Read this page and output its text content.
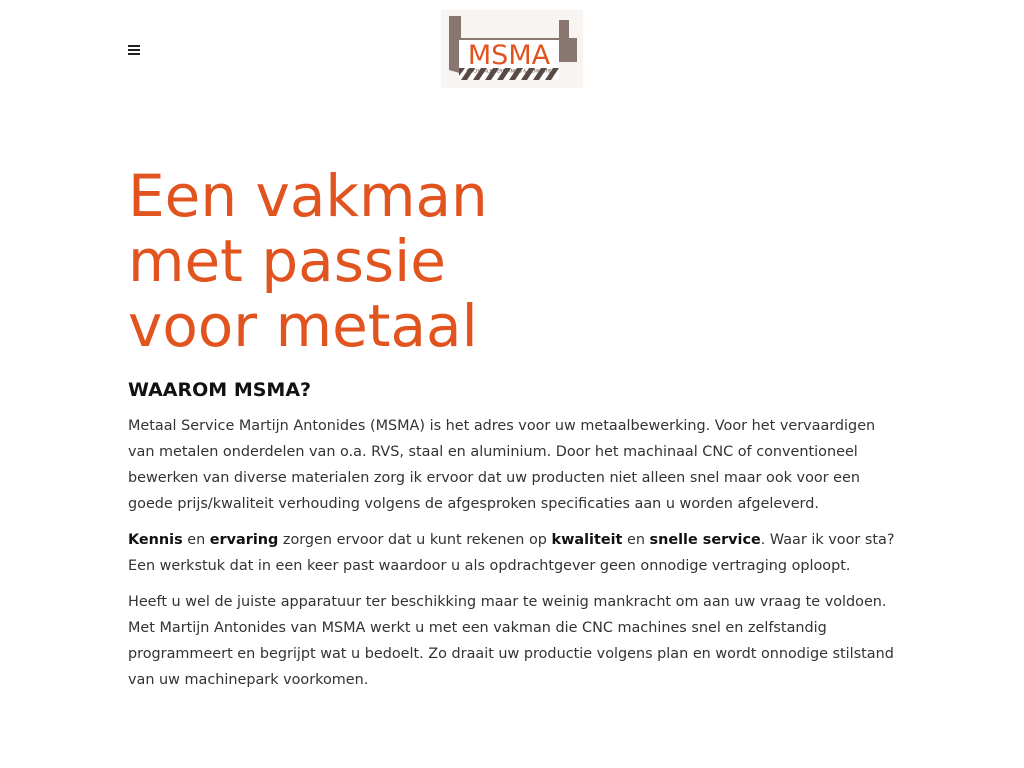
MSMA
MACHINALE VERSPANING & REPARATIE
Een vakman
met passie
voor metaal
WAAROM MSMA?

Metaal Service Martijn Antonides (MSMA) is het adres voor uw metaalbewerking. Voor het vervaardigen van metalen onderdelen van o.a. RVS, staal en aluminium. Door het machinaal CNC of conventioneel bewerken van diverse materialen zorg ik ervoor dat uw producten niet alleen snel maar ook voor een goede prijs/kwaliteit verhouding volgens de afgesproken specificaties aan u worden afgeleverd.

Kennis en ervaring zorgen ervoor dat u kunt rekenen op kwaliteit en snelle service. Waar ik voor sta? Een werkstuk dat in een keer past waardoor u als opdrachtgever geen onnodige vertraging oploopt.

Heeft u wel de juiste apparatuur ter beschikking maar te weinig mankracht om aan uw vraag te voldoen. Met Martijn Antonides van MSMA werkt u met een vakman die CNC machines snel en zelfstandig programmeert en begrijpt wat u bedoelt. Zo draait uw productie volgens plan en wordt onnodige stilstand van uw machinepark voorkomen.
